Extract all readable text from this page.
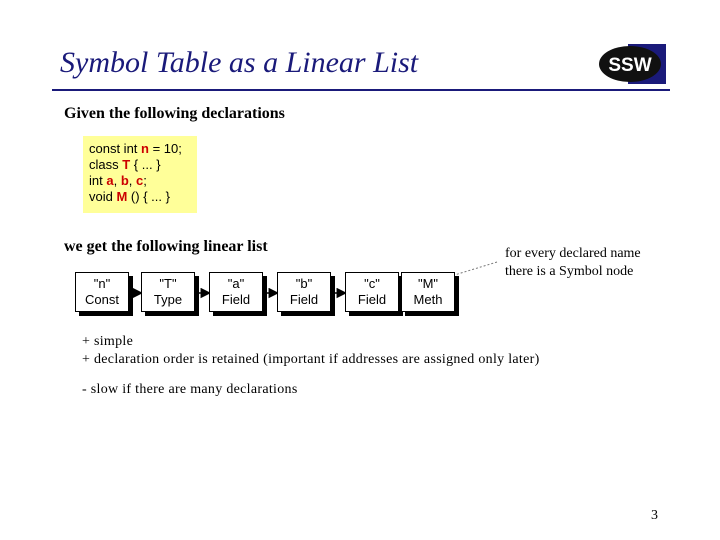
Symbol Table as a Linear List	SSW
Given the following declarations
const int n = 10;
class T { ... }
int a, b, c;
void M () { ... }
we get the following linear list
"n"
Const
"T"
Type
"a"
Field
"b"
Field
"c"
Field
"M"
Meth
for every declared name
there is a Symbol node
+ simple
+ declaration order is retained (important if addresses are assigned only later)
- slow if there are many declarations
3
